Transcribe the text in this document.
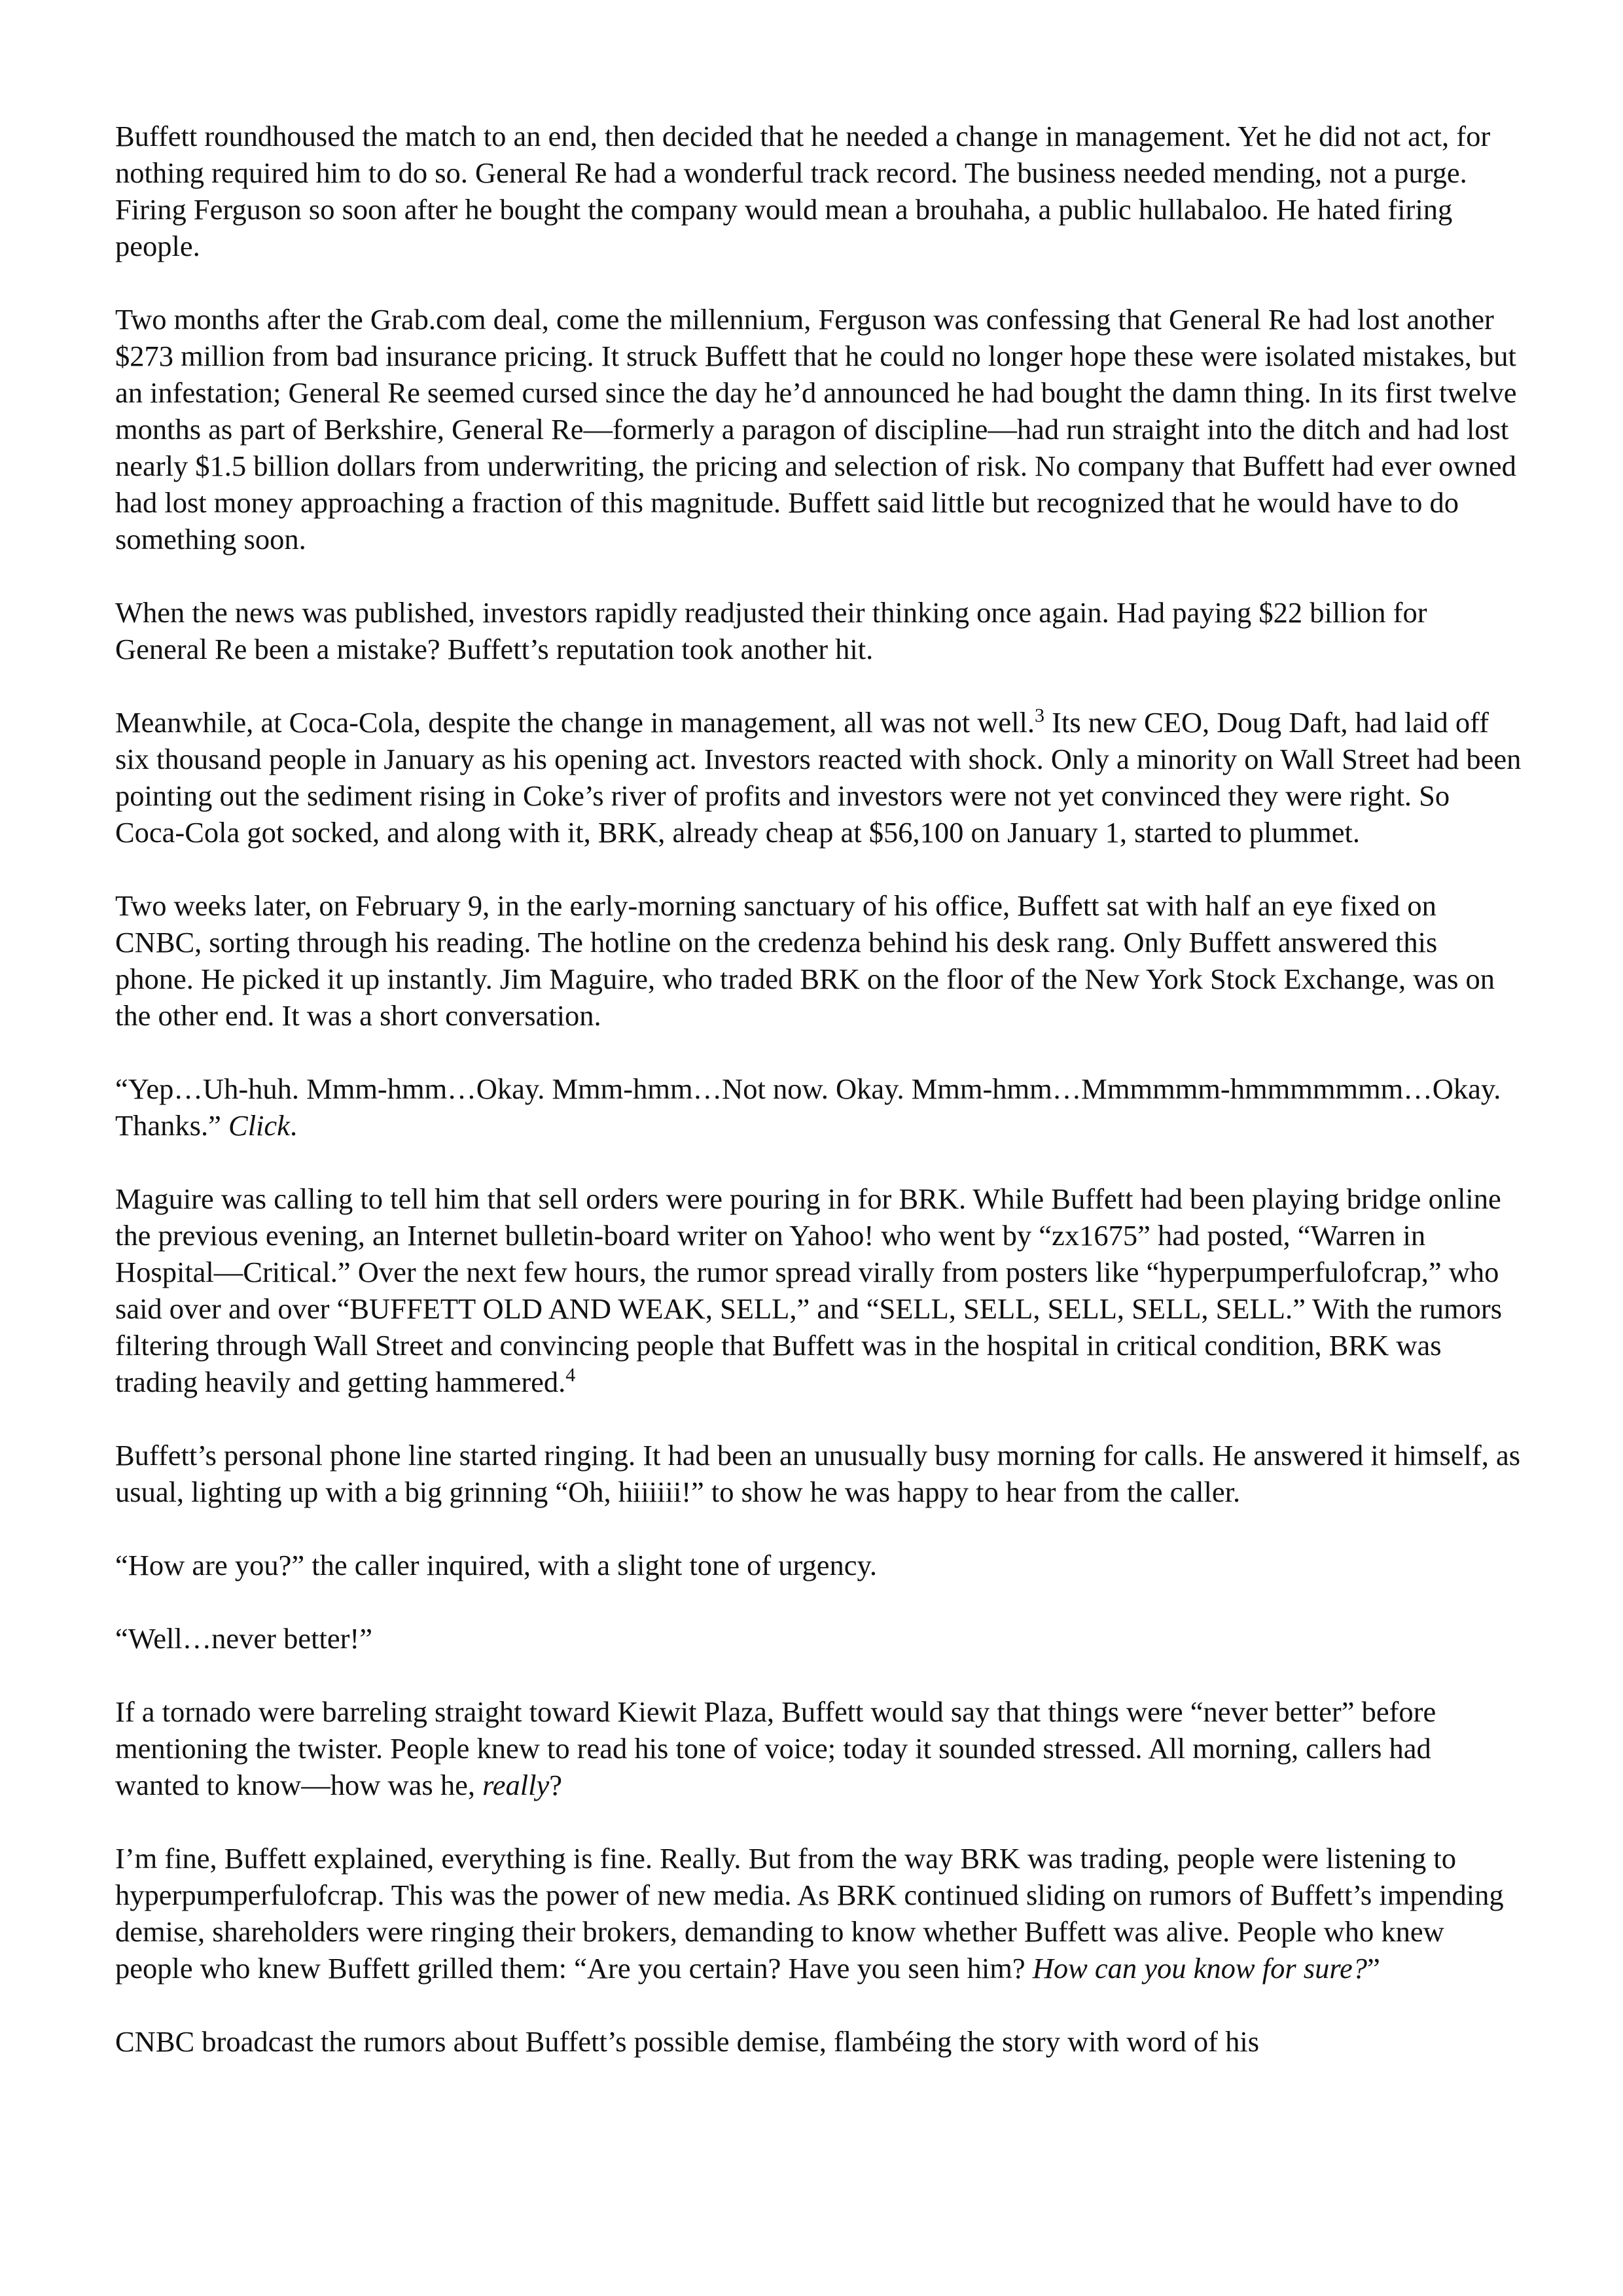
Buffett roundhoused the match to an end, then decided that he needed a change in management. Yet he did not act, for nothing required him to do so. General Re had a wonderful track record. The business needed mending, not a purge. Firing Ferguson so soon after he bought the company would mean a brouhaha, a public hullabaloo. He hated firing people.

Two months after the Grab.com deal, come the millennium, Ferguson was confessing that General Re had lost another $273 million from bad insurance pricing. It struck Buffett that he could no longer hope these were isolated mistakes, but an infestation; General Re seemed cursed since the day he’d announced he had bought the damn thing. In its first twelve months as part of Berkshire, General Re—formerly a paragon of discipline—had run straight into the ditch and had lost nearly $1.5 billion dollars from underwriting, the pricing and selection of risk. No company that Buffett had ever owned had lost money approaching a fraction of this magnitude. Buffett said little but recognized that he would have to do something soon.

When the news was published, investors rapidly readjusted their thinking once again. Had paying $22 billion for General Re been a mistake? Buffett’s reputation took another hit.

Meanwhile, at Coca-Cola, despite the change in management, all was not well.$^3$ Its new CEO, Doug Daft, had laid off six thousand people in January as his opening act. Investors reacted with shock. Only a minority on Wall Street had been pointing out the sediment rising in Coke’s river of profits and investors were not yet convinced they were right. So Coca-Cola got socked, and along with it, BRK, already cheap at $56,100 on January 1, started to plummet.

Two weeks later, on February 9, in the early-morning sanctuary of his office, Buffett sat with half an eye fixed on CNBC, sorting through his reading. The hotline on the credenza behind his desk rang. Only Buffett answered this phone. He picked it up instantly. Jim Maguire, who traded BRK on the floor of the New York Stock Exchange, was on the other end. It was a short conversation.

“Yep…Uh-huh. Mmm-hmm…Okay. Mmm-hmm…Not now. Okay. Mmm-hmm…Mmmmmm-hmmmmmmm…Okay. Thanks.” Click.

Maguire was calling to tell him that sell orders were pouring in for BRK. While Buffett had been playing bridge online the previous evening, an Internet bulletin-board writer on Yahoo! who went by “zx1675” had posted, “Warren in Hospital—Critical.” Over the next few hours, the rumor spread virally from posters like “hyperpumperfulofcrap,” who said over and over “BUFFETT OLD AND WEAK, SELL,” and “SELL, SELL, SELL, SELL, SELL.” With the rumors filtering through Wall Street and convincing people that Buffett was in the hospital in critical condition, BRK was trading heavily and getting hammered.$^4$

Buffett’s personal phone line started ringing. It had been an unusually busy morning for calls. He answered it himself, as usual, lighting up with a big grinning “Oh, hiiiiii!” to show he was happy to hear from the caller.

“How are you?” the caller inquired, with a slight tone of urgency.

“Well…never better!”

If a tornado were barreling straight toward Kiewit Plaza, Buffett would say that things were “never better” before mentioning the twister. People knew to read his tone of voice; today it sounded stressed. All morning, callers had wanted to know—how was he, really?

I’m fine, Buffett explained, everything is fine. Really. But from the way BRK was trading, people were listening to hyperpumperfulofcrap. This was the power of new media. As BRK continued sliding on rumors of Buffett’s impending demise, shareholders were ringing their brokers, demanding to know whether Buffett was alive. People who knew people who knew Buffett grilled them: “Are you certain? Have you seen him? How can you know for sure?”

CNBC broadcast the rumors about Buffett’s possible demise, flambéing the story with word of his
